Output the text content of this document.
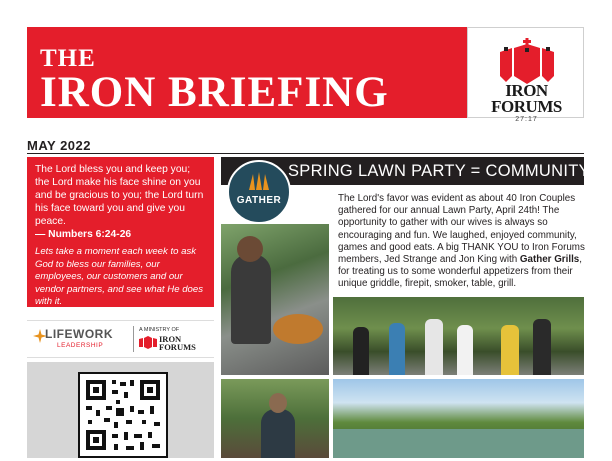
THE
IRON BRIEFING	IRON
FORUMS
27:17
MAY 2022
The Lord bless you and keep you; the Lord make his face shine on you and be gracious to you; the Lord turn his face toward you and give you peace.
— Numbers 6:24-26
Lets take a moment each week to ask God to bless our families, our employees, our customers and our vendor partners, and see what He does with it.
LIFEWORK
LEADERSHIP
A MINISTRY OF
IRON
FORUMS
SPRING LAWN PARTY = COMMUNITY
GATHER	The Lord's favor was evident as about 40 Iron Couples gathered for our annual Lawn Party, April 24th! The opportunity to gather with our wives is always so encouraging and fun. We laughed, enjoyed community, games and good eats. A big THANK YOU to Iron Forums members, Jed Strange and Jon King with Gather Grills, for treating us to some wonderful appetizers from their unique griddle, firepit, smoker, table, grill.
